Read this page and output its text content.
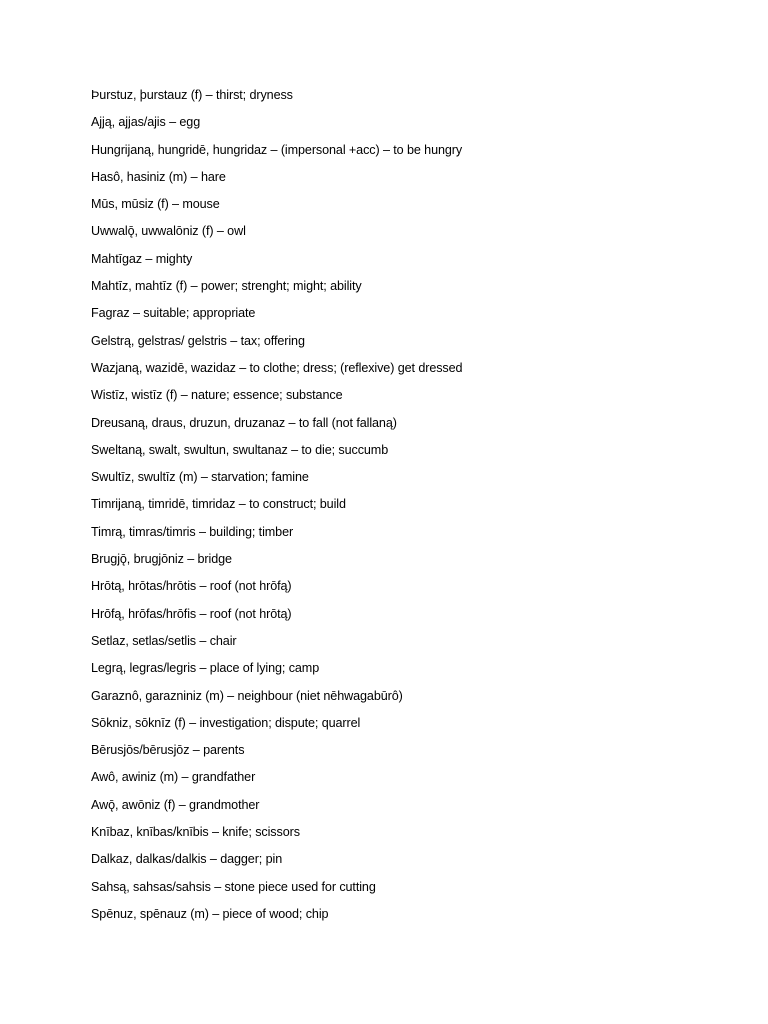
Þurstuz, þurstauz (f) – thirst; dryness
Ajją, ajjas/ajis – egg
Hungrijaną, hungridē, hungridaz – (impersonal +acc) – to be hungry
Hasô, hasiniz (m) – hare
Mūs, mūsiz (f) – mouse
Uwwalǭ, uwwalōniz (f) – owl
Mahtīgaz – mighty
Mahtīz, mahtīz (f) – power; strenght; might; ability
Fagraz – suitable; appropriate
Gelstrą, gelstras/ gelstris – tax; offering
Wazjaną, wazidē, wazidaz – to clothe; dress; (reflexive) get dressed
Wistīz, wistīz (f) – nature; essence; substance
Dreusaną, draus, druzun, druzanaz – to fall (not fallaną)
Sweltaną, swalt, swultun, swultanaz – to die; succumb
Swultīz, swultīz (m) – starvation; famine
Timrijaną, timridē, timridaz – to construct; build
Timrą, timras/timris – building; timber
Brugjǭ, brugjōniz – bridge
Hrōtą, hrōtas/hrōtis – roof (not hrōfą)
Hrōfą, hrōfas/hrōfis – roof (not hrōtą)
Setlaz, setlas/setlis – chair
Legrą, legras/legris – place of lying; camp
Garaznô, garazniniz (m) – neighbour (niet nēhwagabūrô)
Sōkniz, sōknīz (f) – investigation; dispute; quarrel
Bērusjōs/bērusjōz – parents
Awô, awiniz (m) – grandfather
Awǭ, awōniz (f) – grandmother
Knībaz, knības/knībis – knife; scissors
Dalkaz, dalkas/dalkis – dagger; pin
Sahsą, sahsas/sahsis – stone piece used for cutting
Spēnuz, spēnauz (m) – piece of wood; chip
